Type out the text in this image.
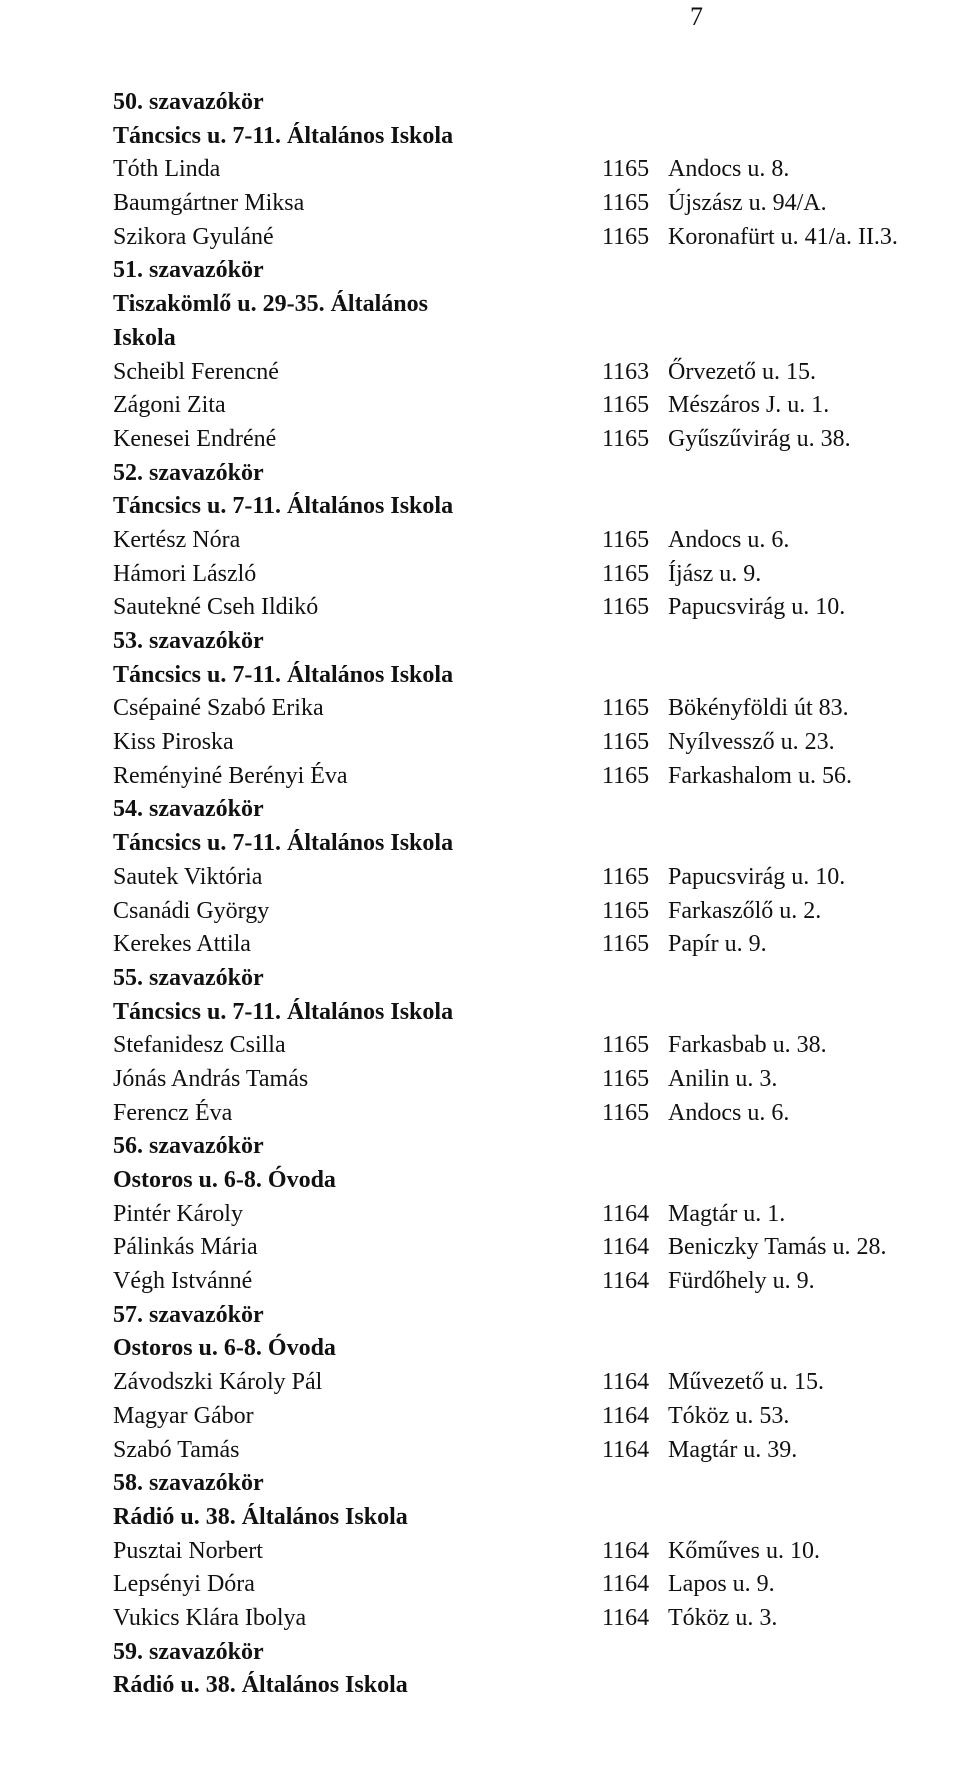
7
50. szavazókör
Táncsics u. 7-11. Általános Iskola
Tóth Linda	1165 Andocs u. 8.
Baumgártner Miksa	1165 Újszász u. 94/A.
Szikora Gyuláné	1165 Koronafürt u. 41/a. II.3.
51. szavazókör
Tiszakömlő u. 29-35. Általános
Iskola
Scheibl Ferencné	1163 Őrvezető u. 15.
Zágoni Zita	1165 Mészáros J. u. 1.
Kenesei Endréné	1165 Gyűszűvirág u. 38.
52. szavazókör
Táncsics u. 7-11. Általános Iskola
Kertész Nóra	1165 Andocs u. 6.
Hámori László	1165 Íjász u. 9.
Sautekné Cseh Ildikó	1165 Papucsvirág u. 10.
53. szavazókör
Táncsics u. 7-11. Általános Iskola
Csépainé Szabó Erika	1165 Bökényföldi út 83.
Kiss Piroska	1165 Nyílvessző u. 23.
Reményiné Berényi Éva	1165 Farkashalom u. 56.
54. szavazókör
Táncsics u. 7-11. Általános Iskola
Sautek Viktória	1165 Papucsvirág u. 10.
Csanádi György	1165 Farkaszőlő u. 2.
Kerekes Attila	1165 Papír u. 9.
55. szavazókör
Táncsics u. 7-11. Általános Iskola
Stefanidesz Csilla	1165 Farkasbab u. 38.
Jónás András Tamás	1165 Anilin u. 3.
Ferencz Éva	1165 Andocs u. 6.
56. szavazókör
Ostoros u. 6-8. Óvoda
Pintér Károly	1164 Magtár u. 1.
Pálinkás Mária	1164 Beniczky Tamás u. 28.
Végh Istvánné	1164 Fürdőhely u. 9.
57. szavazókör
Ostoros u. 6-8. Óvoda
Závodszki Károly Pál	1164 Művezető u. 15.
Magyar Gábor	1164 Tóköz u. 53.
Szabó Tamás	1164 Magtár u. 39.
58. szavazókör
Rádió u. 38. Általános Iskola
Pusztai Norbert	1164 Kőműves u. 10.
Lepsényi Dóra	1164 Lapos u. 9.
Vukics Klára Ibolya	1164 Tóköz u. 3.
59. szavazókör
Rádió u. 38. Általános Iskola
